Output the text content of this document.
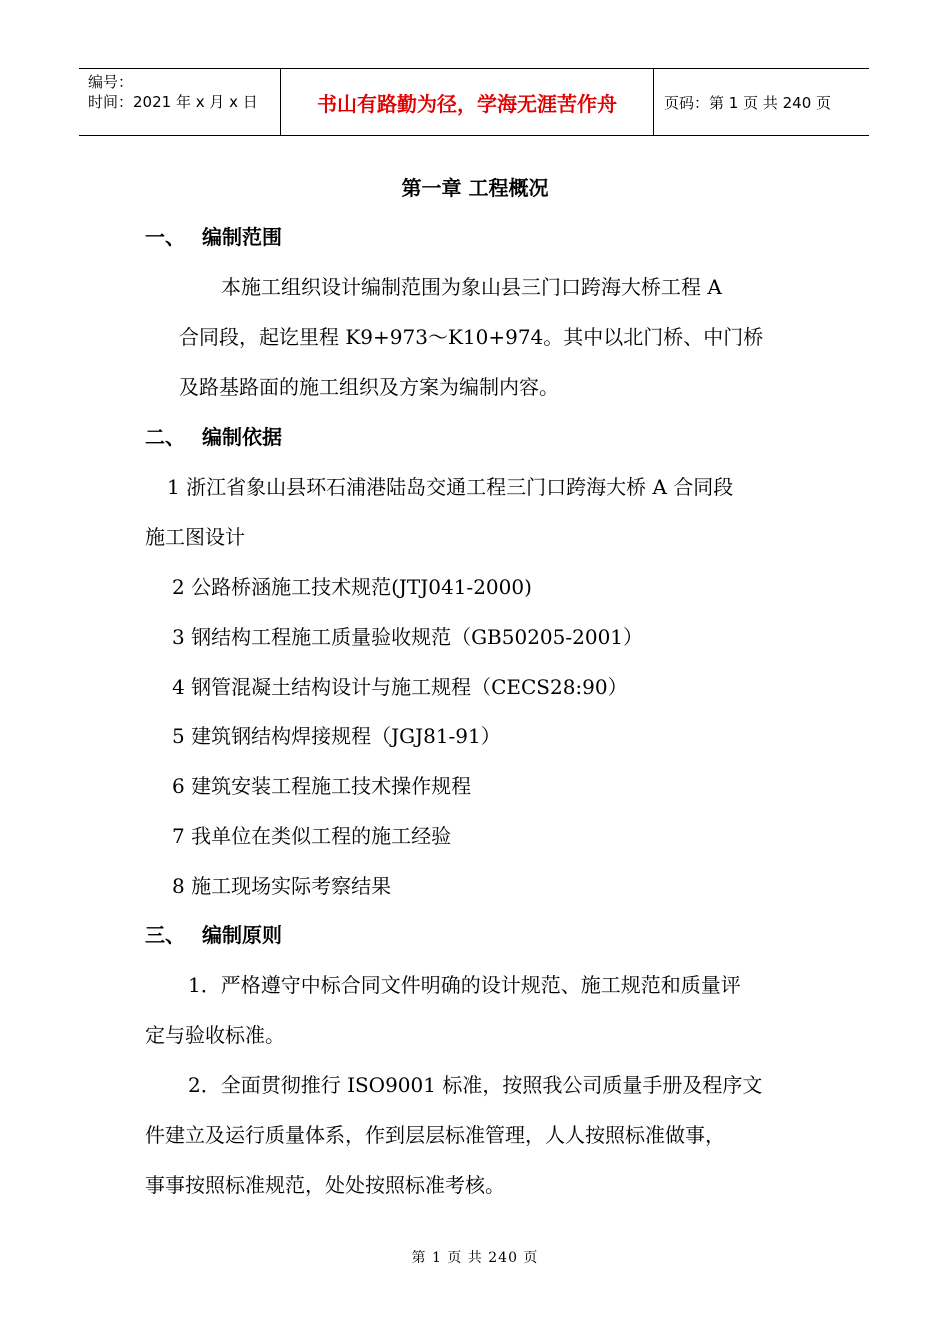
编号：
时间：2021 年 x 月 x 日	书山有路勤为径，学海无涯苦作舟	页码：第 1 页 共 240 页
第一章 工程概况
一、 编制范围
本施工组织设计编制范围为象山县三门口跨海大桥工程 A
合同段，起讫里程 K9+973～K10+974。其中以北门桥、中门桥
及路基路面的施工组织及方案为编制内容。
二、 编制依据
1 浙江省象山县环石浦港陆岛交通工程三门口跨海大桥 A 合同段
施工图设计
2 公路桥涵施工技术规范(JTJ041-2000)
3 钢结构工程施工质量验收规范（GB50205-2001）
4 钢管混凝土结构设计与施工规程（CECS28:90）
5 建筑钢结构焊接规程（JGJ81-91）
6 建筑安装工程施工技术操作规程
7 我单位在类似工程的施工经验
8 施工现场实际考察结果
三、 编制原则
1．严格遵守中标合同文件明确的设计规范、施工规范和质量评
定与验收标准。
2．全面贯彻推行 ISO9001 标准，按照我公司质量手册及程序文
件建立及运行质量体系，作到层层标准管理，人人按照标准做事，
事事按照标准规范，处处按照标准考核。
第 1 页 共 240 页
